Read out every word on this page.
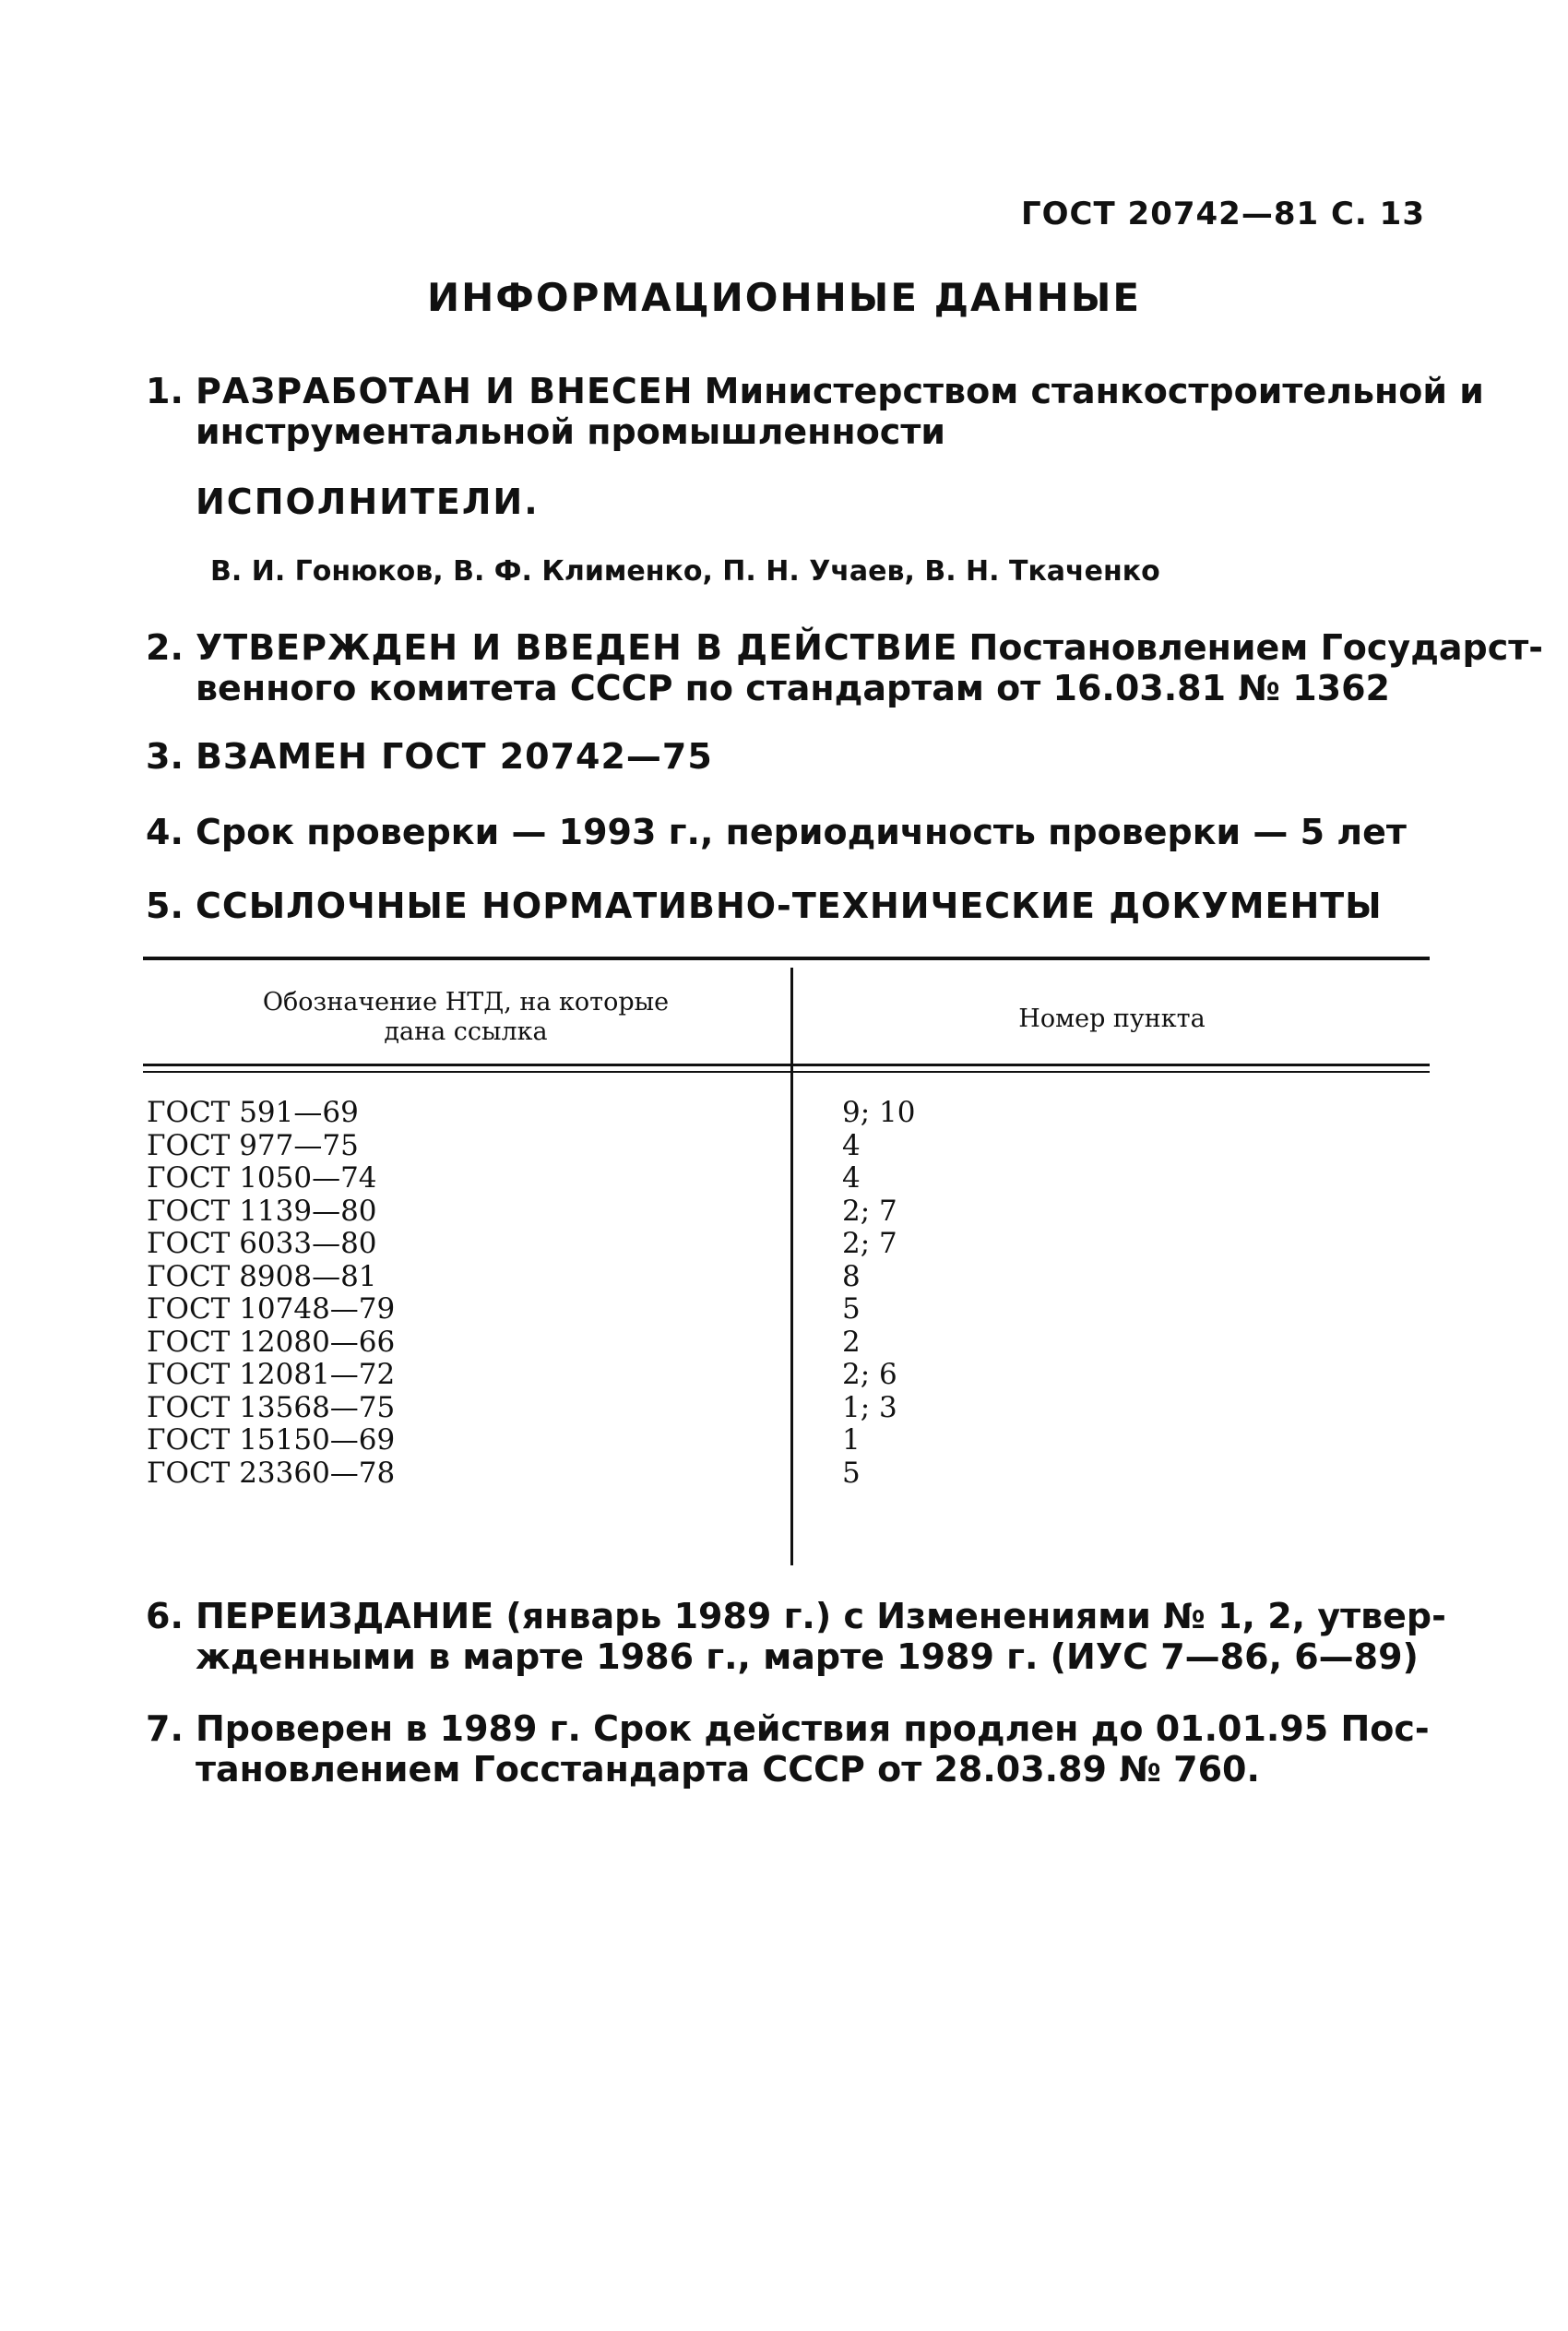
ГОСТ 20742—81 С. 13
ИНФОРМАЦИОННЫЕ ДАННЫЕ
1. РАЗРАБОТАН И ВНЕСЕН Министерством станкостроительной и
инструментальной промышленности
ИСПОЛНИТЕЛИ.
В. И. Гонюков, В. Ф. Клименко, П. Н. Учаев, В. Н. Ткаченко
2. УТВЕРЖДЕН И ВВЕДЕН В ДЕЙСТВИЕ Постановлением Государст-
венного комитета СССР по стандартам от 16.03.81 № 1362
3. ВЗАМЕН ГОСТ 20742—75
4. Срок проверки — 1993 г., периодичность проверки — 5 лет
5. ССЫЛОЧНЫЕ НОРМАТИВНО-ТЕХНИЧЕСКИЕ ДОКУМЕНТЫ
Обозначение НТД, на которые
дана ссылка	Номер пункта
ГОСТ 591—69	9; 10
ГОСТ 977—75	4
ГОСТ 1050—74	4
ГОСТ 1139—80	2; 7
ГОСТ 6033—80	2; 7
ГОСТ 8908—81	8
ГОСТ 10748—79	5
ГОСТ 12080—66	2
ГОСТ 12081—72	2; 6
ГОСТ 13568—75	1; 3
ГОСТ 15150—69	1
ГОСТ 23360—78	5
6. ПЕРЕИЗДАНИЕ (январь 1989 г.) с Изменениями № 1, 2, утвер-
жденными в марте 1986 г., марте 1989 г. (ИУС 7—86, 6—89)
7. Проверен в 1989 г. Срок действия продлен до 01.01.95 Пос-
тановлением Госстандарта СССР от 28.03.89 № 760.
